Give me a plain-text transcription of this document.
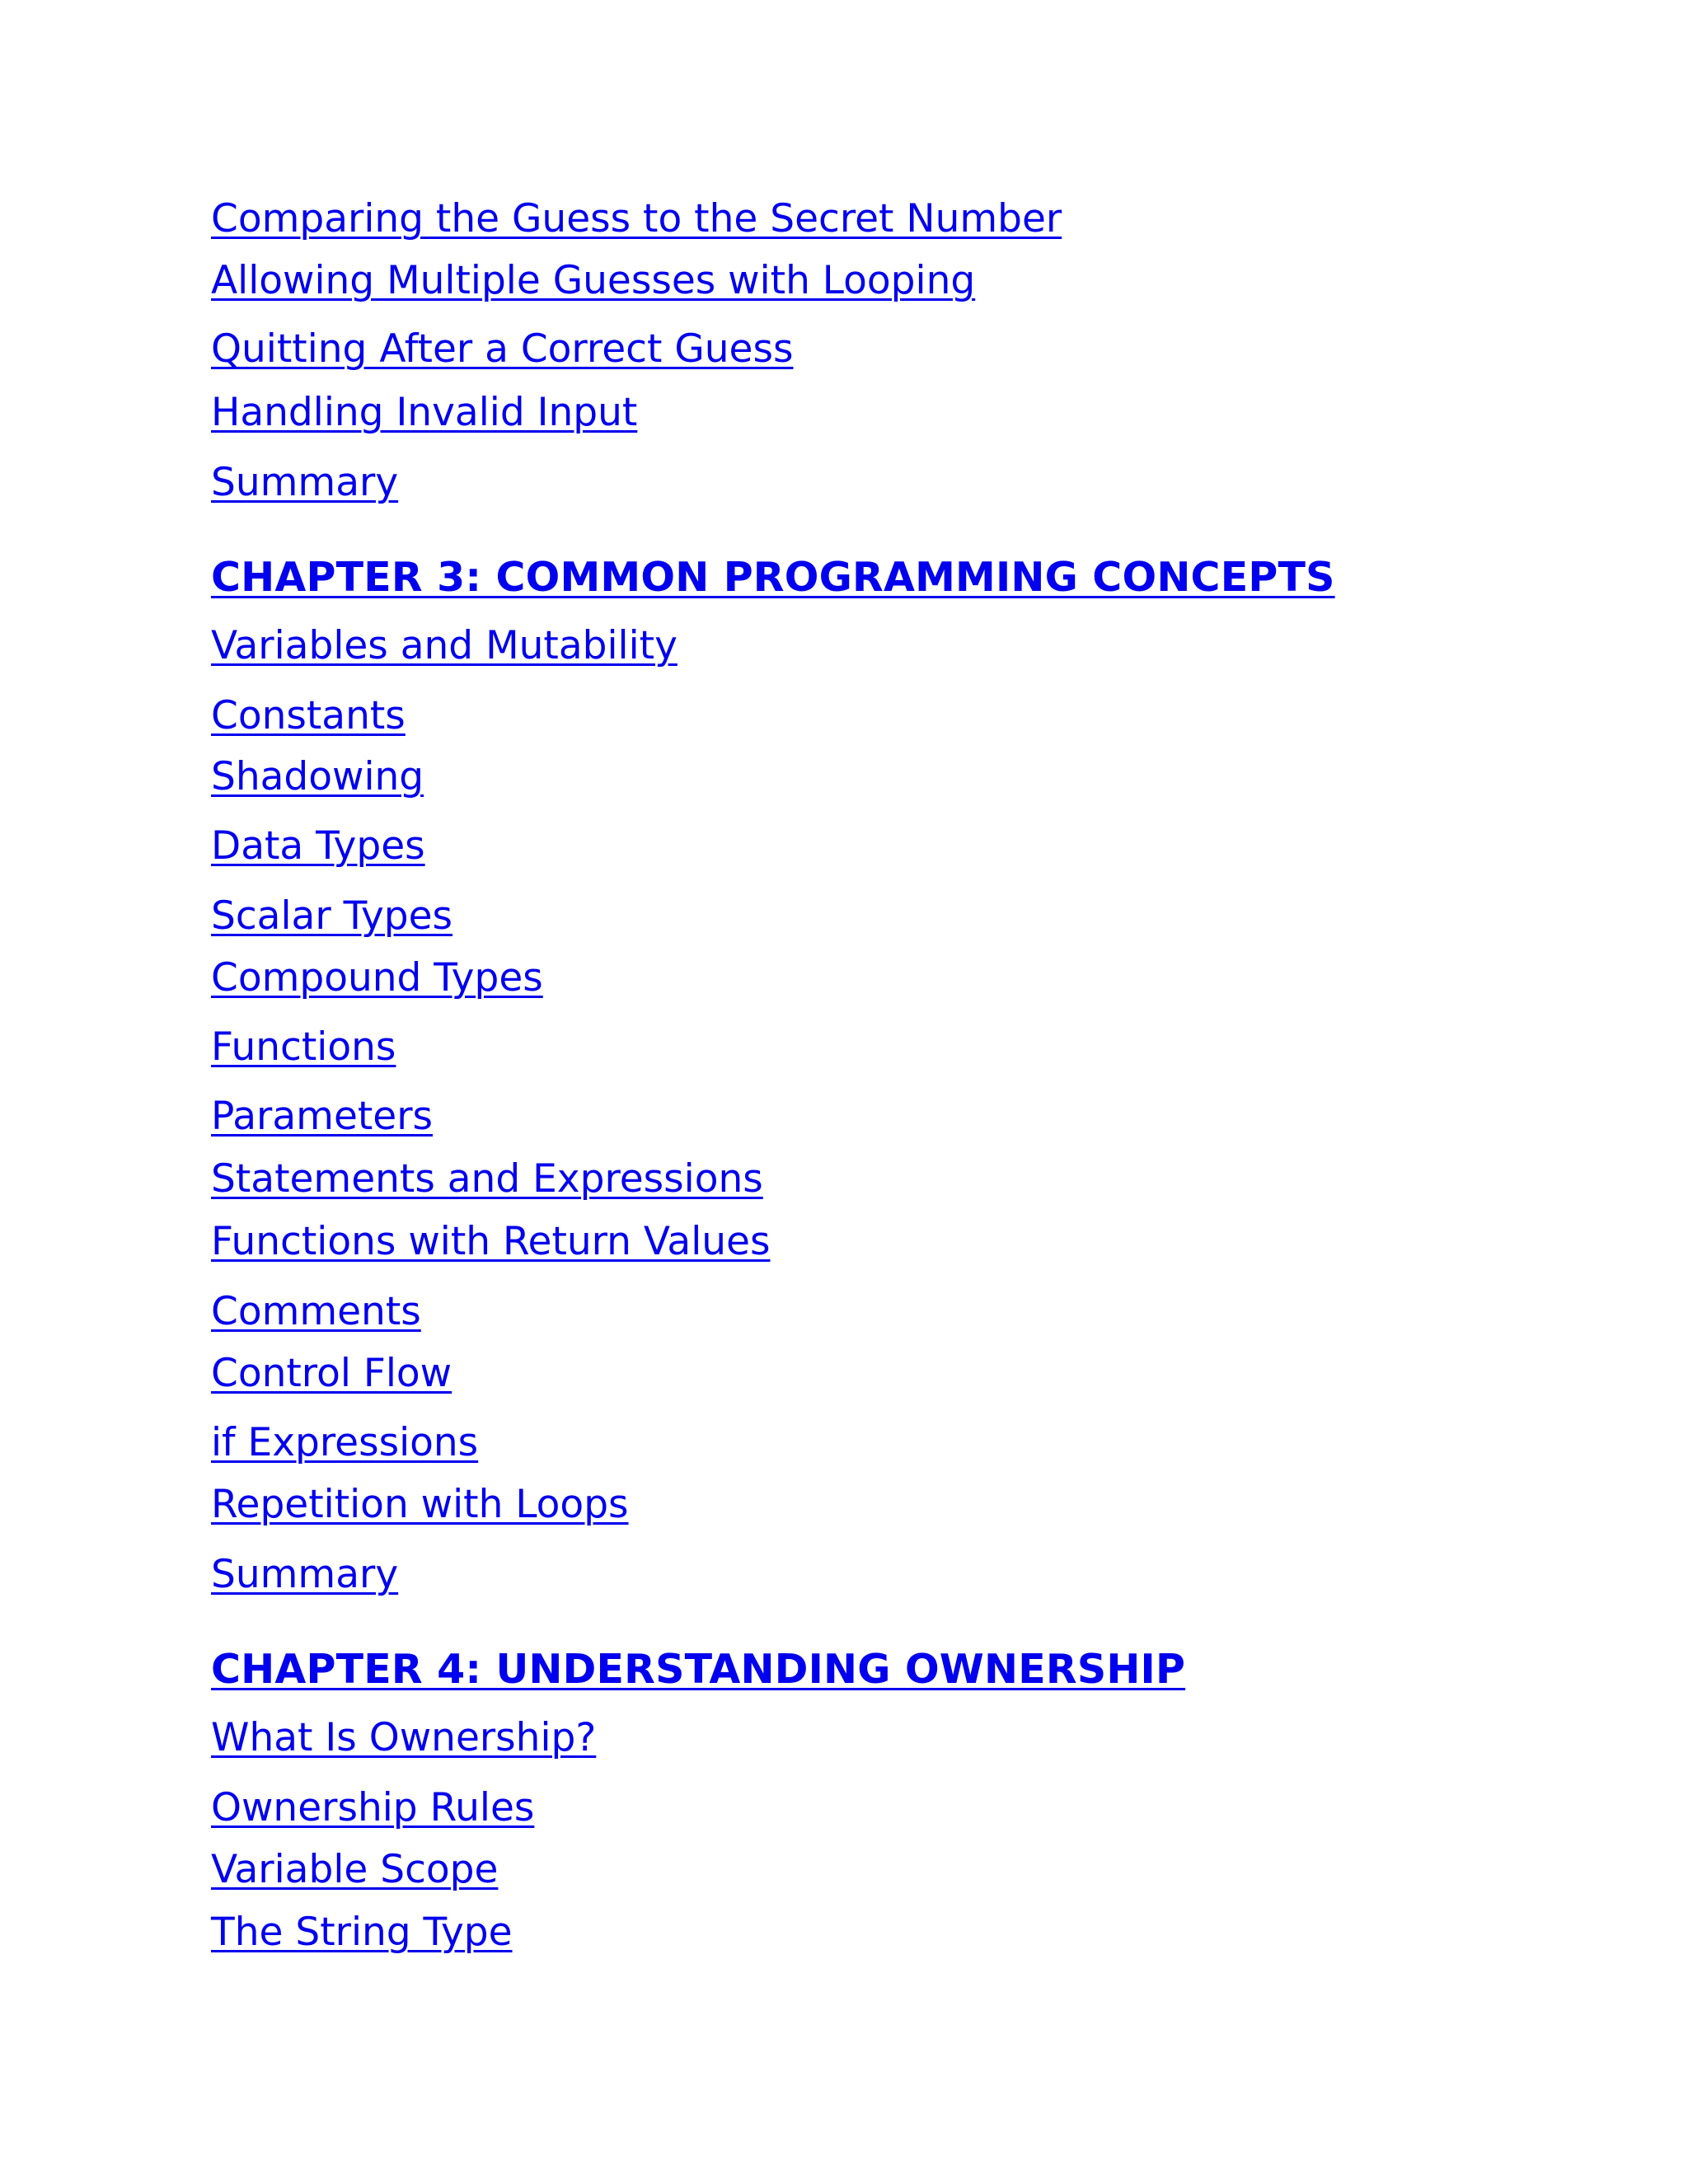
Comparing the Guess to the Secret Number
Allowing Multiple Guesses with Looping
Quitting After a Correct Guess
Handling Invalid Input
Summary
CHAPTER 3: COMMON PROGRAMMING CONCEPTS
Variables and Mutability
Constants
Shadowing
Data Types
Scalar Types
Compound Types
Functions
Parameters
Statements and Expressions
Functions with Return Values
Comments
Control Flow
if Expressions
Repetition with Loops
Summary
CHAPTER 4: UNDERSTANDING OWNERSHIP
What Is Ownership?
Ownership Rules
Variable Scope
The String Type
